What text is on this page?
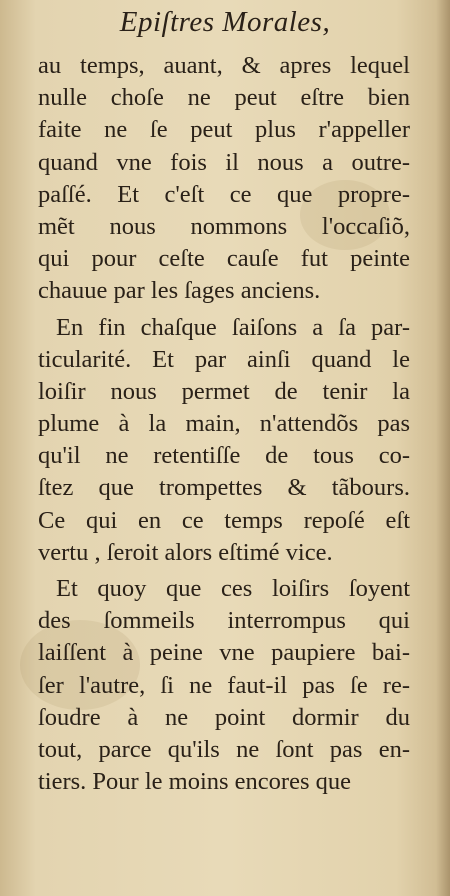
Epiſtres Morales,
au temps, auant, & apres lequel
nulle choſe ne peut eſtre bien
faite ne ſe peut plus r'appeller
quand vne fois il nous a outre-
paſſé. Et c'eſt ce que propre-
mẽt nous nommons l'occaſiõ,
qui pour ceſte cauſe fut peinte
chauue par les ſages anciens.
En fin chaſque ſaiſons a ſa par-
ticularité. Et par ainſi quand le
loiſir nous permet de tenir la
plume à la main, n'attendõs pas
qu'il ne retentiſſe de tous co-
ſtez que trompettes & tãbours.
Ce qui en ce temps repoſé eſt
vertu , ſeroit alors eſtimé vice.
Et quoy que ces loiſirs ſoyent
des ſommeils interrompus qui
laiſſent à peine vne paupiere bai-
ſer l'autre, ſi ne faut-il pas ſe re-
ſoudre à ne point dormir du
tout, parce qu'ils ne ſont pas en-
tiers. Pour le moins encores que
